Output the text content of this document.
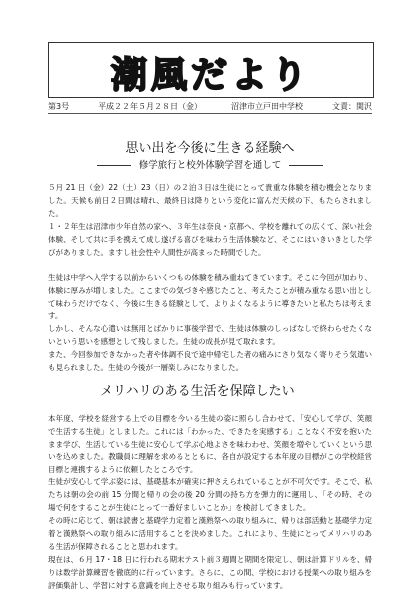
潮風だより
第3号	平成２２年５月２８日（金）	沼津市立戸田中学校	文責：関沢
思い出を今後に生きる経験へ
修学旅行と校外体験学習を通して

５月 21 日（金）22（土）23（日）の２泊３日は生徒にとって貴重な体験を積む機会となりました。天候も前日２日間は晴れ、最終日は降りという変化に富んだ天候の下、もたらされました。

１・２年生は沼津市少年自然の家へ、３年生は奈良・京都へ、学校を離れての広くて、深い社会体験、そして共に手を携えて成し遂げる喜びを味わう生活体験など、そこにはいきいきとした学びがありました。ますし社会性や人間性が高まった時間でした。

生徒は中学へ入学する以前からいくつもの体験を積み重ねてきています。そこに今回が加わり、体験に厚みが増しました。ここまでの気づきや感じたこと、考えたことが積み重なる思い出として味わうだけでなく、今後に生きる経験として、よりよくなるように導きたいと私たちは考えます。

しかし、そんな心遣いは無用とばかりに事後学習で、生徒は体験のしっぱなしで終わらせたくないという思いを感想として残しました。生徒の成長が見て取れます。

また、今回参加できなかった者や体調不良で途中帰宅した者の痛みにさり気なく寄りそう気遣いも見られました。生徒の今後が一層楽しみになりました。

メリハリのある生活を保障したい

本年度、学校を経営する上での目標を今いる生徒の姿に照らし合わせて、「安心して学び、笑顔で生活する生徒」としました。これには「わかった、できたを実感する」ことなく不安を抱いたまま学び、生活している生徒に安心して学ぶ心地よさを味わわせ、笑顔を増やしていくという思いを込めました。教職員に理解を求めるとともに、各自が設定する本年度の目標がこの学校経営目標と連携するように依頼したところです。

生徒が安心して学ぶ姿には、基礎基本が確実に押さえられていることが不可欠です。そこで、私たちは朝の会の前 15 分間と帰りの会の後 20 分間の持ち方を弾力的に運用し、「その時、その場で何をすることが生徒にとって一番好ましいことか」を検討してきました。

その時に応じて、朝は読書と基礎学力定着と漢熟祭への取り組みに、帰りは部活動と基礎学力定着と漢熟祭への取り組みに活用することを決めました。これにより、生徒にとってメリハリのある生活が保障されることと思われます。

現在は、６月 17・18 日に行われる期末テスト前３週間と期間を限定し、朝は計算ドリルを、帰りは数学計算練習を徹底的に行っています。さらに、この間、学校における授業への取り組みを評価集計し、学習に対する意識を向上させる取り組みも行っています。
